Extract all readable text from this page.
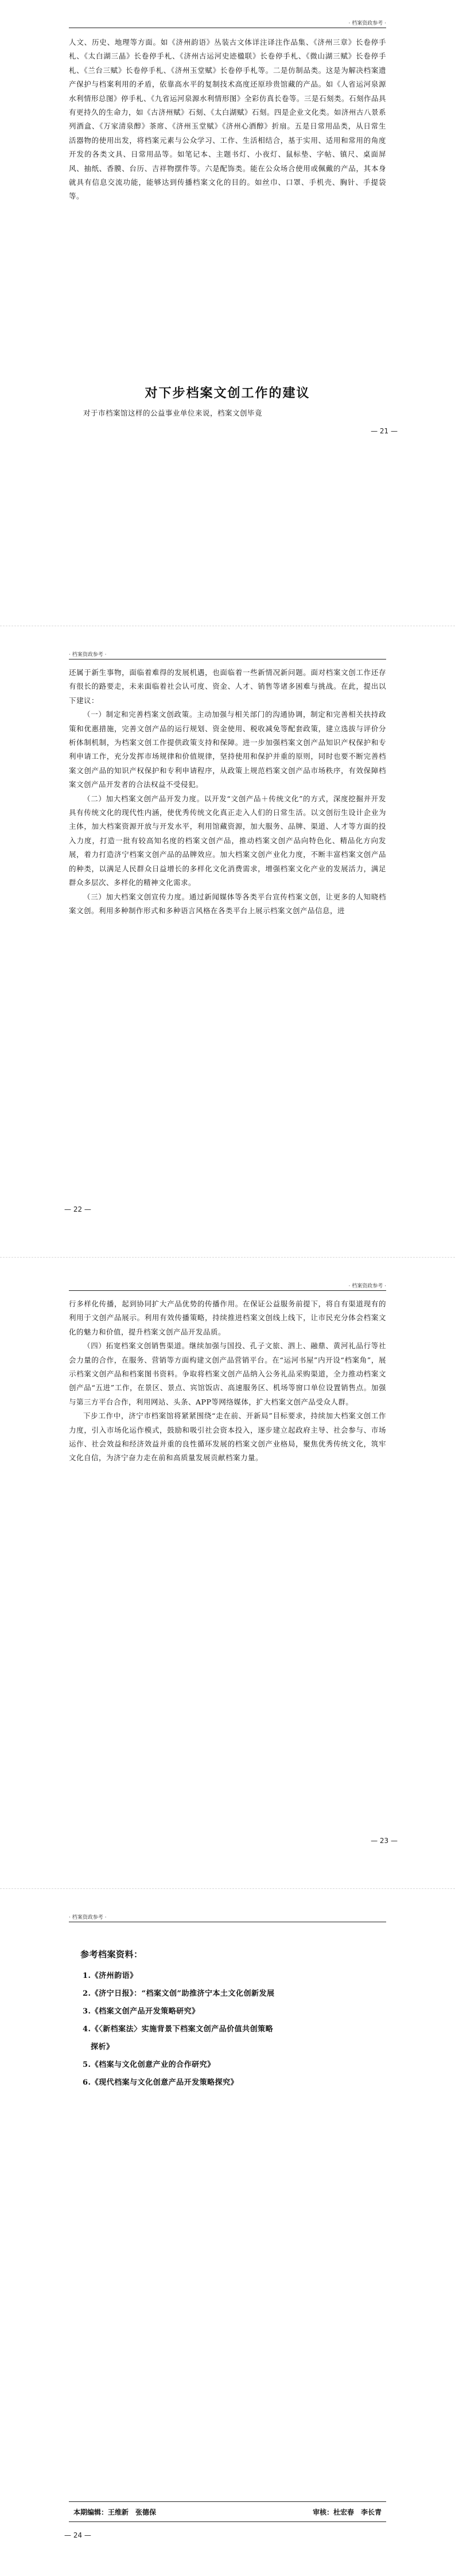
· 档案资政参考 ·

人文、历史、地理等方面。如《济州韵语》丛装古文体详注译注作品集、《济州三章》长卷停手札、《太白湖三晶》长卷停手札、《济州古运河史迹楹联》长卷停手札、《微山湖三赋》长卷停手札、《兰台三赋》长卷停手札、《济州玉堂赋》长卷停手札等。二是仿制品类。这是为解决档案遗产保护与档案利用的矛盾，依靠高水平的复制技术高度还原珍贵馆藏的产品。如《人省运河泉源水利情形总图》停手札、《九省运河泉源水利情形图》全彩仿真长卷等。三是石刻类。石刻作品具有更持久的生命力，如《古济州赋》石刻、《太白湖赋》石刻。四是企业文化类。如济州古八景系列酒盒、《万家清泉醇》茶席、《济州玉堂赋》《济州心酒醇》折扇。五是日常用品类，从日常生活器物的使用出发，将档案元素与公众学习、工作、生活相结合，基于实用、适用和常用的角度开发的各类文具、日常用品等。如笔记本、主题书灯、小夜灯、鼠标垫、字帖、镇尺、桌面屏风、抽纸、香膜、台历、吉祥物摆件等。六是配饰类。能在公众场合使用或佩戴的产品，其本身就具有信息交流功能，能够达到传播档案文化的目的。如丝巾、口罩、手机壳、胸针、手提袋等。

对下步档案文创工作的建议

对于市档案馆这样的公益事业单位来说，档案文创毕竟

— 21 —
· 档案资政参考 ·

还属于新生事物，面临着难得的发展机遇，也面临着一些新情况新问题。面对档案文创工作还存有很长的路要走，未来面临着社会认可度、资金、人才、销售等诸多困难与挑战。在此，提出以下建议：

（一）制定和完善档案文创政策。主动加强与相关部门的沟通协调，制定和完善相关扶持政策和优惠措施，完善文创产品的运行规划、资金使用、税收减免等配套政策，建立选拔与评价分析体制机制，为档案文创工作提供政策支持和保障。进一步加强档案文创产品知识产权保护和专利申请工作，充分发挥市场规律和价值规律，坚持使用和保护并重的原则，同时也要不断完善档案文创产品的知识产权保护和专利申请程序，从政策上规范档案文创产品市场秩序，有效保障档案文创产品开发者的合法权益不受侵犯。

（二）加大档案文创产品开发力度。以开发“文创产品＋传统文化”的方式，深度挖掘并开发具有传统文化的现代性内涵，使优秀传统文化真正走入人们的日常生活。以文创衍生设计企业为主体，加大档案资源开放与开发水平，利用馆藏资源，加大服务、品牌、渠道、人才等方面的投入力度，打造一批有较高知名度的档案文创产品，推动档案文创产品向特色化、精品化方向发展，着力打造济宁档案文创产品的品牌效应。加大档案文创产业化力度，不断丰富档案文创产品的种类，以满足人民群众日益增长的多样化文化消费需求，增强档案文化产业的发展活力，满足群众多层次、多样化的精神文化需求。

（三）加大档案文创宣传力度。通过新闻媒体等各类平台宣传档案文创，让更多的人知晓档案文创。利用多种制作形式和多种语言风格在各类平台上展示档案文创产品信息，进

— 22 —
· 档案资政参考 ·

行多样化传播，起到协同扩大产品优势的传播作用。在保证公益服务前提下，将自有渠道现有的利用于文创产品展示。利用有效传播策略，持续推进档案文创线上线下，让市民充分体会档案文化的魅力和价值，提升档案文创产品开发品质。

（四）拓宽档案文创销售渠道。继续加强与国投、孔子文旅、泗上、融鼎、黄河礼品行等社会力量的合作，在服务、营销等方面构建文创产品营销平台。在“运河书屋”内开设“档案角”，展示档案文创产品和档案图书资料。争取将档案文创产品纳入公务礼品采购渠道，全力推动档案文创产品“五进”工作，在景区、景点、宾馆饭店、高速服务区、机场等窗口单位设置销售点。加强与第三方平台合作，利用网站、头条、APP等网络媒体，扩大档案文创产品受众人群。

下步工作中，济宁市档案馆将紧紧围绕“走在前、开新局”目标要求，持续加大档案文创工作力度，引入市场化运作模式，鼓励和吸引社会资本投入，逐步建立起政府主导、社会参与、市场运作、社会效益和经济效益并重的良性循环发展的档案文创产业格局，聚焦优秀传统文化，筑牢文化自信，为济宁奋力走在前和高质量发展贡献档案力量。

— 23 —
· 档案资政参考 ·
参考档案资料：
1.《济州韵语》
2.《济宁日报》：“档案文创”助推济宁本土文化创新发展
3.《档案文创产品开发策略研究》
4.《〈新档案法〉实施背景下档案文创产品价值共创策略
探析》
5.《档案与文化创意产业的合作研究》
6.《现代档案与文化创意产品开发策略探究》
本期编辑：王维新　张德保	审核：杜宏春　李长青
— 24 —
